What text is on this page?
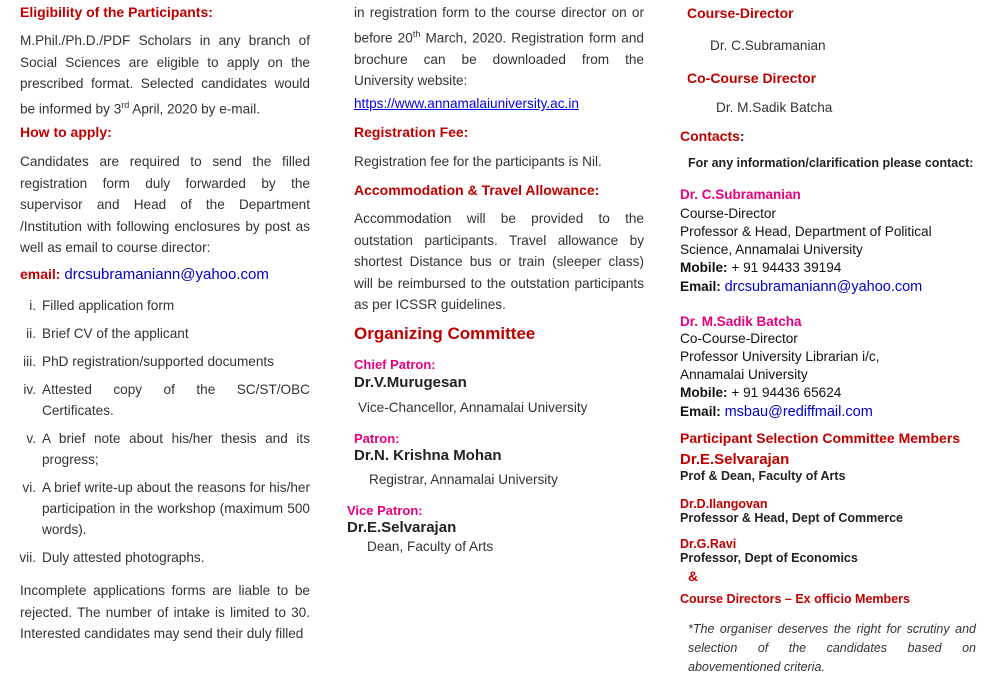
Eligibility of the Participants:

M.Phil./Ph.D./PDF Scholars in any branch of Social Sciences are eligible to apply on the prescribed format. Selected candidates would be informed by 3rd April, 2020 by e-mail.

How to apply:

Candidates are required to send the filled registration form duly forwarded by the supervisor and Head of the Department /Institution with following enclosures by post as well as email to course director:

email: drcsubramaniann@yahoo.com

i. Filled application form
ii. Brief CV of the applicant
iii. PhD registration/supported documents
iv. Attested copy of the SC/ST/OBC Certificates.
v. A brief note about his/her thesis and its progress;
vi. A brief write-up about the reasons for his/her participation in the workshop (maximum 500 words).
vii. Duly attested photographs.

Incomplete applications forms are liable to be rejected. The number of intake is limited to 30. Interested candidates may send their duly filled

in registration form to the course director on or before 20th March, 2020. Registration form and brochure can be downloaded from the University website:

https://www.annamalaiuniversity.ac.in

Registration Fee:

Registration fee for the participants is Nil.

Accommodation & Travel Allowance:

Accommodation will be provided to the outstation participants. Travel allowance by shortest Distance bus or train (sleeper class) will be reimbursed to the outstation participants as per ICSSR guidelines.

Organizing Committee

Chief Patron:

Dr.V.Murugesan

Vice-Chancellor, Annamalai University

Patron:

Dr.N. Krishna Mohan

Registrar, Annamalai University

Vice Patron:

Dr.E.Selvarajan

Dean, Faculty of Arts

Course-Director

Dr. C.Subramanian

Co-Course Director

Dr. M.Sadik Batcha

Contacts:

For any information/clarification please contact:

Dr. C.Subramanian

Course-Director
Professor & Head, Department of Political
Science, Annamalai University
Mobile: + 91 94433 39194
Email: drcsubramaniann@yahoo.com

Dr. M.Sadik Batcha

Co-Course-Director
Professor University Librarian i/c,
Annamalai University
Mobile: + 91 94436 65624
Email: msbau@rediffmail.com

Participant Selection Committee Members

Dr.E.Selvarajan

Prof & Dean, Faculty of Arts

Dr.D.Ilangovan

Professor & Head, Dept of Commerce

Dr.G.Ravi

Professor, Dept of Economics

&

Course Directors – Ex officio Members

*The organiser deserves the right for scrutiny and selection of the candidates based on abovementioned criteria.
